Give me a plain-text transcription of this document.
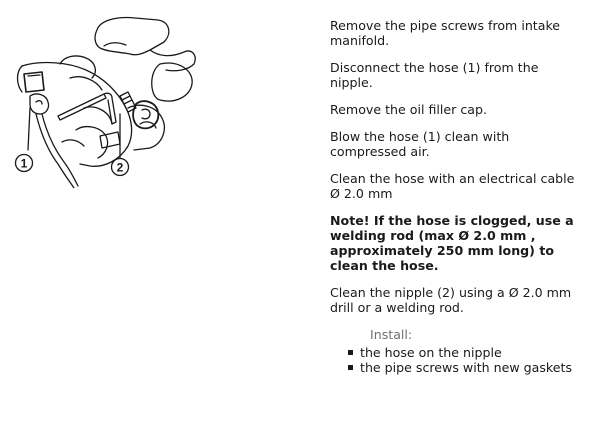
1	2

Remove the pipe screws from intake manifold.

Disconnect the hose (1) from the nipple.

Remove the oil filler cap.

Blow the hose (1) clean with compressed air.

Clean the hose with an electrical cable Ø 2.0 mm

Note! If the hose is clogged, use a welding rod (max Ø 2.0 mm , approximately 250 mm long) to clean the hose.

Clean the nipple (2) using a Ø 2.0 mm drill or a welding rod.

Install:
the hose on the nipple
the pipe screws with new gaskets
